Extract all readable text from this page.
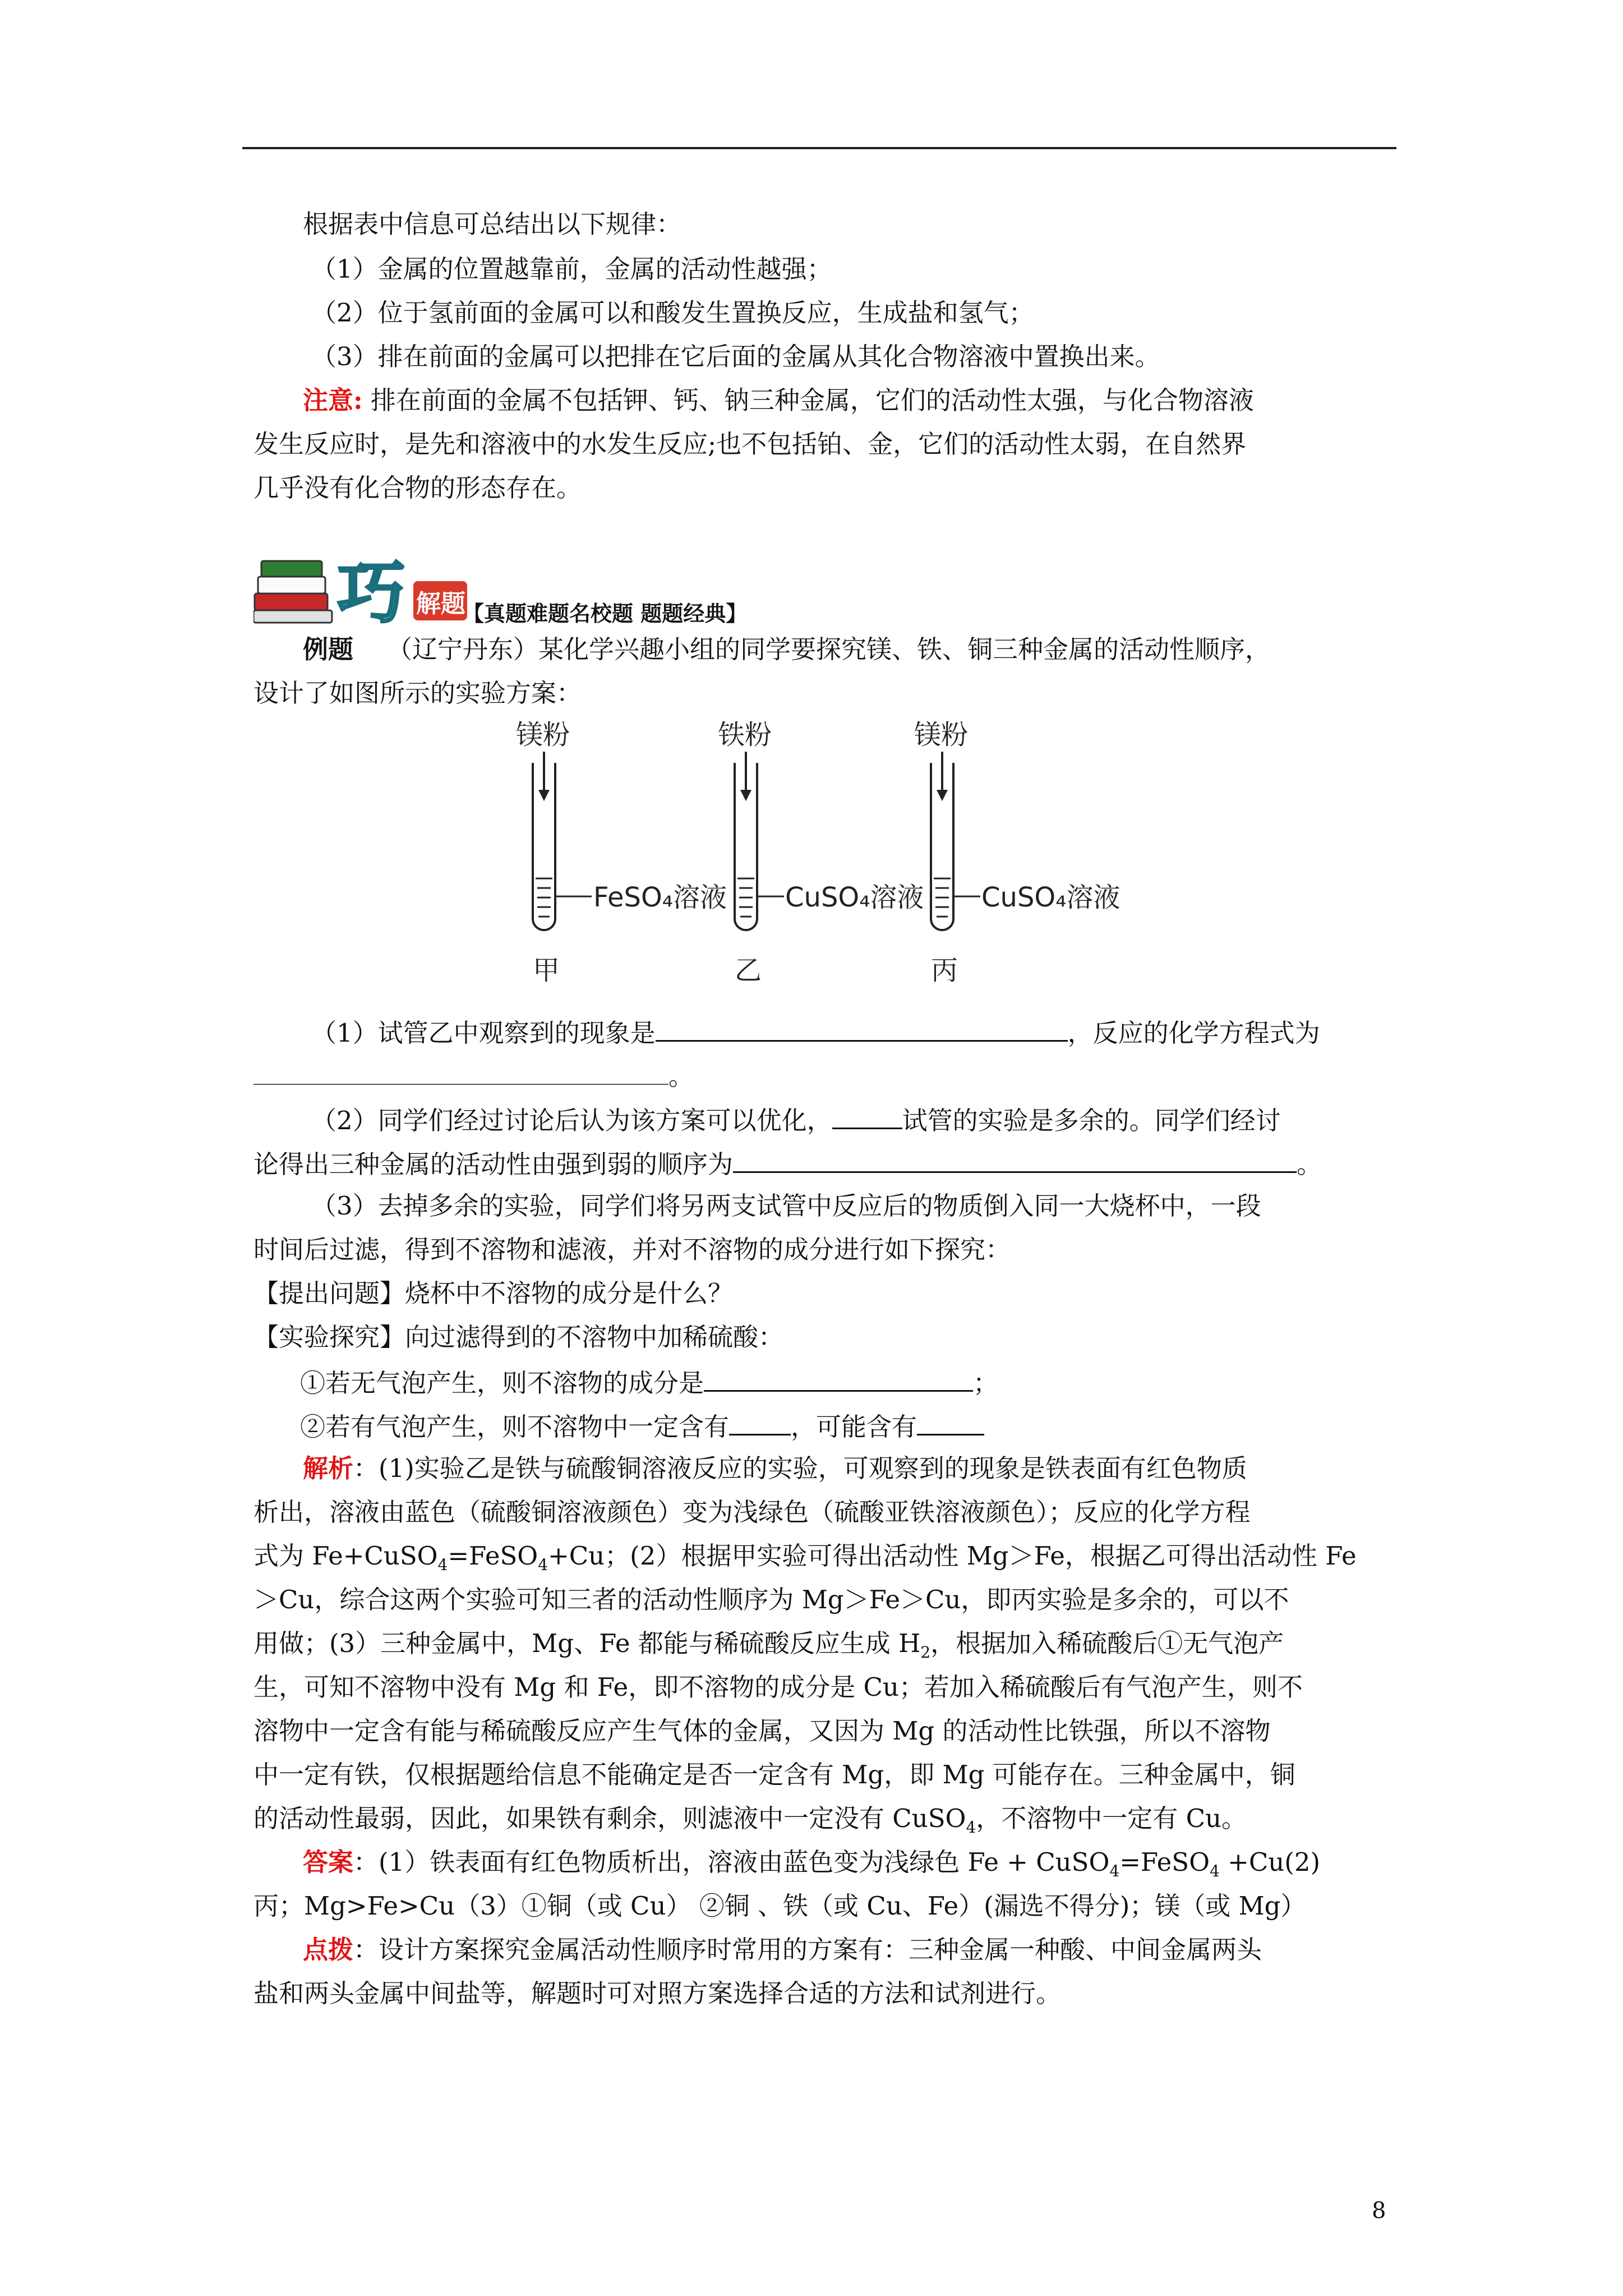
根据表中信息可总结出以下规律：
（1）金属的位置越靠前，金属的活动性越强；
（2）位于氢前面的金属可以和酸发生置换反应，生成盐和氢气；
（3）排在前面的金属可以把排在它后面的金属从其化合物溶液中置换出来。
注意: 排在前面的金属不包括钾、钙、钠三种金属，它们的活动性太强，与化合物溶液
发生反应时，是先和溶液中的水发生反应;也不包括铂、金，它们的活动性太弱，在自然界
几乎没有化合物的形态存在。
巧 解题
【真题难题名校题 题题经典】
例题 （辽宁丹东）某化学兴趣小组的同学要探究镁、铁、铜三种金属的活动性顺序，
设计了如图所示的实验方案：
镁粉
FeSO₄溶液
甲
铁粉
CuSO₄溶液
乙
镁粉
CuSO₄溶液
丙
（1）试管乙中观察到的现象是	，反应的化学方程式为
。
（2）同学们经过讨论后认为该方案可以优化，	试管的实验是多余的。同学们经讨
论得出三种金属的活动性由强到弱的顺序为	。
（3）去掉多余的实验，同学们将另两支试管中反应后的物质倒入同一大烧杯中，一段
时间后过滤，得到不溶物和滤液，并对不溶物的成分进行如下探究：
【提出问题】烧杯中不溶物的成分是什么？
【实验探究】向过滤得到的不溶物中加稀硫酸：
①若无气泡产生，则不溶物的成分是	；
②若有气泡产生，则不溶物中一定含有 ，可能含有
解析：(1)实验乙是铁与硫酸铜溶液反应的实验，可观察到的现象是铁表面有红色物质
析出，溶液由蓝色（硫酸铜溶液颜色）变为浅绿色（硫酸亚铁溶液颜色）；反应的化学方程
式为 Fe+CuSO$_4$=FeSO$_4$+Cu；(2）根据甲实验可得出活动性 Mg＞Fe，根据乙可得出活动性 Fe
＞Cu，综合这两个实验可知三者的活动性顺序为 Mg＞Fe＞Cu，即丙实验是多余的，可以不
用做；(3）三种金属中，Mg、Fe 都能与稀硫酸反应生成 $H_2$，根据加入稀硫酸后①无气泡产
生，可知不溶物中没有 Mg 和 Fe，即不溶物的成分是 Cu；若加入稀硫酸后有气泡产生，则不
溶物中一定含有能与稀硫酸反应产生气体的金属，又因为 Mg 的活动性比铁强，所以不溶物
中一定有铁，仅根据题给信息不能确定是否一定含有 Mg，即 Mg 可能存在。三种金属中，铜
的活动性最弱，因此，如果铁有剩余，则滤液中一定没有 CuSO$_4$，不溶物中一定有 Cu。
答案：(1）铁表面有红色物质析出，溶液由蓝色变为浅绿色 Fe + CuSO$_4$=FeSO$_4$ +Cu(2)
丙；Mg>Fe>Cu（3）①铜（或 Cu） ②铜 、铁（或 Cu、Fe）(漏选不得分)；镁（或 Mg）
点拨：设计方案探究金属活动性顺序时常用的方案有：三种金属一种酸、中间金属两头
盐和两头金属中间盐等，解题时可对照方案选择合适的方法和试剂进行。
8
